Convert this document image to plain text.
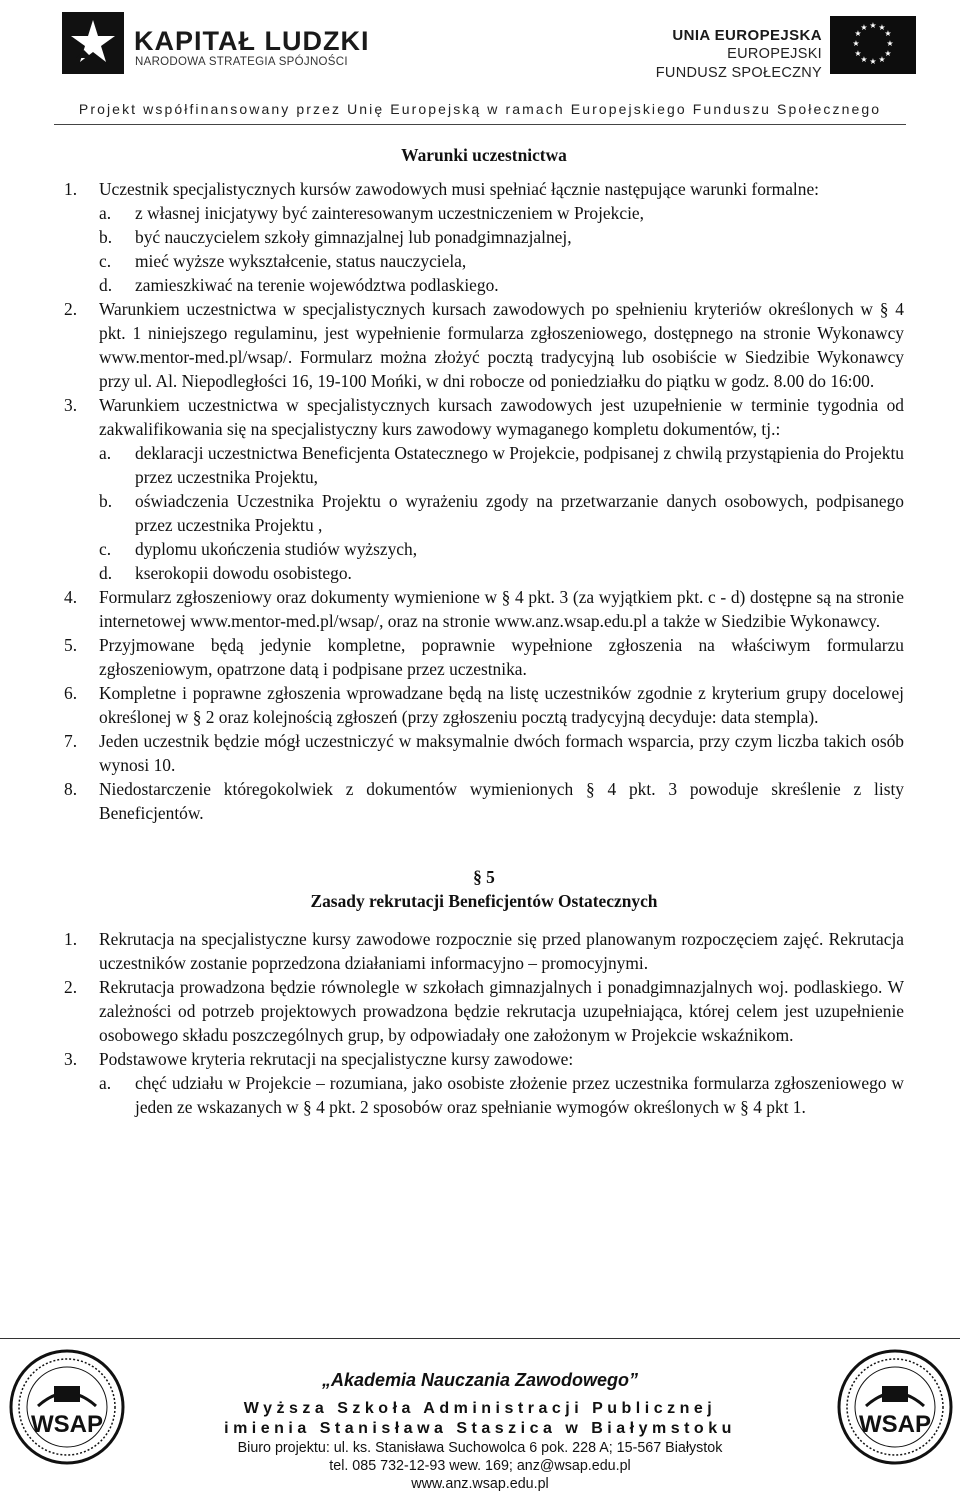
KAPITAŁ LUDZKI
NARODOWA STRATEGIA SPÓJNOŚCI
UNIA EUROPEJSKA
EUROPEJSKI
FUNDUSZ SPOŁECZNY
★ ★
★
★
★
★
★
★
★
★
★
★
Projekt współfinansowany przez Unię Europejską w ramach Europejskiego Funduszu Społecznego

Warunki uczestnictwa

1. Uczestnik specjalistycznych kursów zawodowych musi spełniać łącznie następujące warunki formalne:
a. z własnej inicjatywy być zainteresowanym uczestniczeniem w Projekcie,
b. być nauczycielem szkoły gimnazjalnej lub ponadgimnazjalnej,
c. mieć wyższe wykształcenie, status nauczyciela,
d. zamieszkiwać na terenie województwa podlaskiego.
2. Warunkiem uczestnictwa w specjalistycznych kursach zawodowych po spełnieniu kryteriów określonych w § 4 pkt. 1 niniejszego regulaminu, jest wypełnienie formularza zgłoszeniowego, dostępnego na stronie Wykonawcy www.mentor-med.pl/wsap/. Formularz można złożyć pocztą tradycyjną lub osobiście w Siedzibie Wykonawcy przy ul. Al. Niepodległości 16, 19-100 Mońki, w dni robocze od poniedziałku do piątku w godz. 8.00 do 16:00.
3. Warunkiem uczestnictwa w specjalistycznych kursach zawodowych jest uzupełnienie w terminie tygodnia od zakwalifikowania się na specjalistyczny kurs zawodowy wymaganego kompletu dokumentów, tj.:
a. deklaracji uczestnictwa Beneficjenta Ostatecznego w Projekcie, podpisanej z chwilą przystąpienia do Projektu przez uczestnika Projektu,
b. oświadczenia Uczestnika Projektu o wyrażeniu zgody na przetwarzanie danych osobowych, podpisanego przez uczestnika Projektu ,
c. dyplomu ukończenia studiów wyższych,
d. kserokopii dowodu osobistego.
4. Formularz zgłoszeniowy oraz dokumenty wymienione w § 4 pkt. 3 (za wyjątkiem pkt. c - d) dostępne są na stronie internetowej www.mentor-med.pl/wsap/, oraz na stronie www.anz.wsap.edu.pl a także w Siedzibie Wykonawcy.
5. Przyjmowane będą jedynie kompletne, poprawnie wypełnione zgłoszenia na właściwym formularzu zgłoszeniowym, opatrzone datą i podpisane przez uczestnika.
6. Kompletne i poprawne zgłoszenia wprowadzane będą na listę uczestników zgodnie z kryterium grupy docelowej określonej w § 2 oraz kolejnością zgłoszeń (przy zgłoszeniu pocztą tradycyjną decyduje: data stempla).
7. Jeden uczestnik będzie mógł uczestniczyć w maksymalnie dwóch formach wsparcia, przy czym liczba takich osób wynosi 10.
8. Niedostarczenie któregokolwiek z dokumentów wymienionych § 4 pkt. 3 powoduje skreślenie z listy Beneficjentów.
§ 5
Zasady rekrutacji Beneficjentów Ostatecznych
1. Rekrutacja na specjalistyczne kursy zawodowe rozpocznie się przed planowanym rozpoczęciem zajęć. Rekrutacja uczestników zostanie poprzedzona działaniami informacyjno – promocyjnymi.
2. Rekrutacja prowadzona będzie równolegle w szkołach gimnazjalnych i ponadgimnazjalnych woj. podlaskiego. W zależności od potrzeb projektowych prowadzona będzie rekrutacja uzupełniająca, której celem jest uzupełnienie osobowego składu poszczególnych grup, by odpowiadały one założonym w Projekcie wskaźnikom.
3. Podstawowe kryteria rekrutacji na specjalistyczne kursy zawodowe:
a. chęć udziału w Projekcie – rozumiana, jako osobiste złożenie przez uczestnika formularza zgłoszeniowego w jeden ze wskazanych w § 4 pkt. 2 sposobów oraz spełnianie wymogów określonych w § 4 pkt 1.
WSAP
„Akademia Nauczania Zawodowego”
Wyższa Szkoła Administracji Publicznej
imienia Stanisława Staszica w Białymstoku
Biuro projektu: ul. ks. Stanisława Suchowolca 6 pok. 228 A; 15-567 Białystok
tel. 085 732-12-93 wew. 169; anz@wsap.edu.pl
www.anz.wsap.edu.pl
WSAP
